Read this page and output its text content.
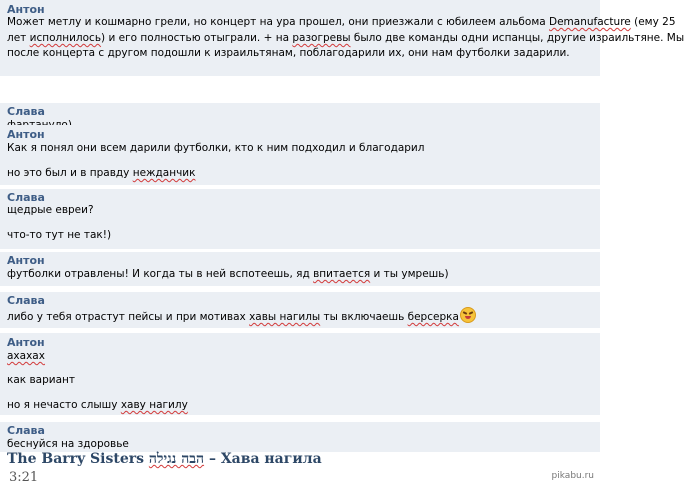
Антон
Может метлу и кошмарно грели, но концерт на ура прошел, они приезжали с юбилеем альбома Demanufacture (ему 25
лет исполнилось) и его полностью отыграли. + на разогревы было две команды одни испанцы, другие израильтяне. Мы
после концерта с другом подошли к израильтянам, поблагодарили их, они нам футболки задарили.
Слава
Антон
Как я понял они всем дарили футболки, кто к ним подходил и благодарил
но это был и в правду нежданчик
Слава
щедрые евреи?
что-то тут не так!)
Антон
футболки отравлены! И когда ты в ней вспотеешь, яд впитается и ты умрешь)
Слава
либо у тебя отрастут пейсы и при мотивах хавы нагилы ты включаешь берсерка
Антон
ахахах
как вариант
но я нечасто слышу хаву нагилу
Слава
беснуйся на здоровье
The Barry Sisters הבה נגילה – Хава нагила
3:21	pikabu.ru
